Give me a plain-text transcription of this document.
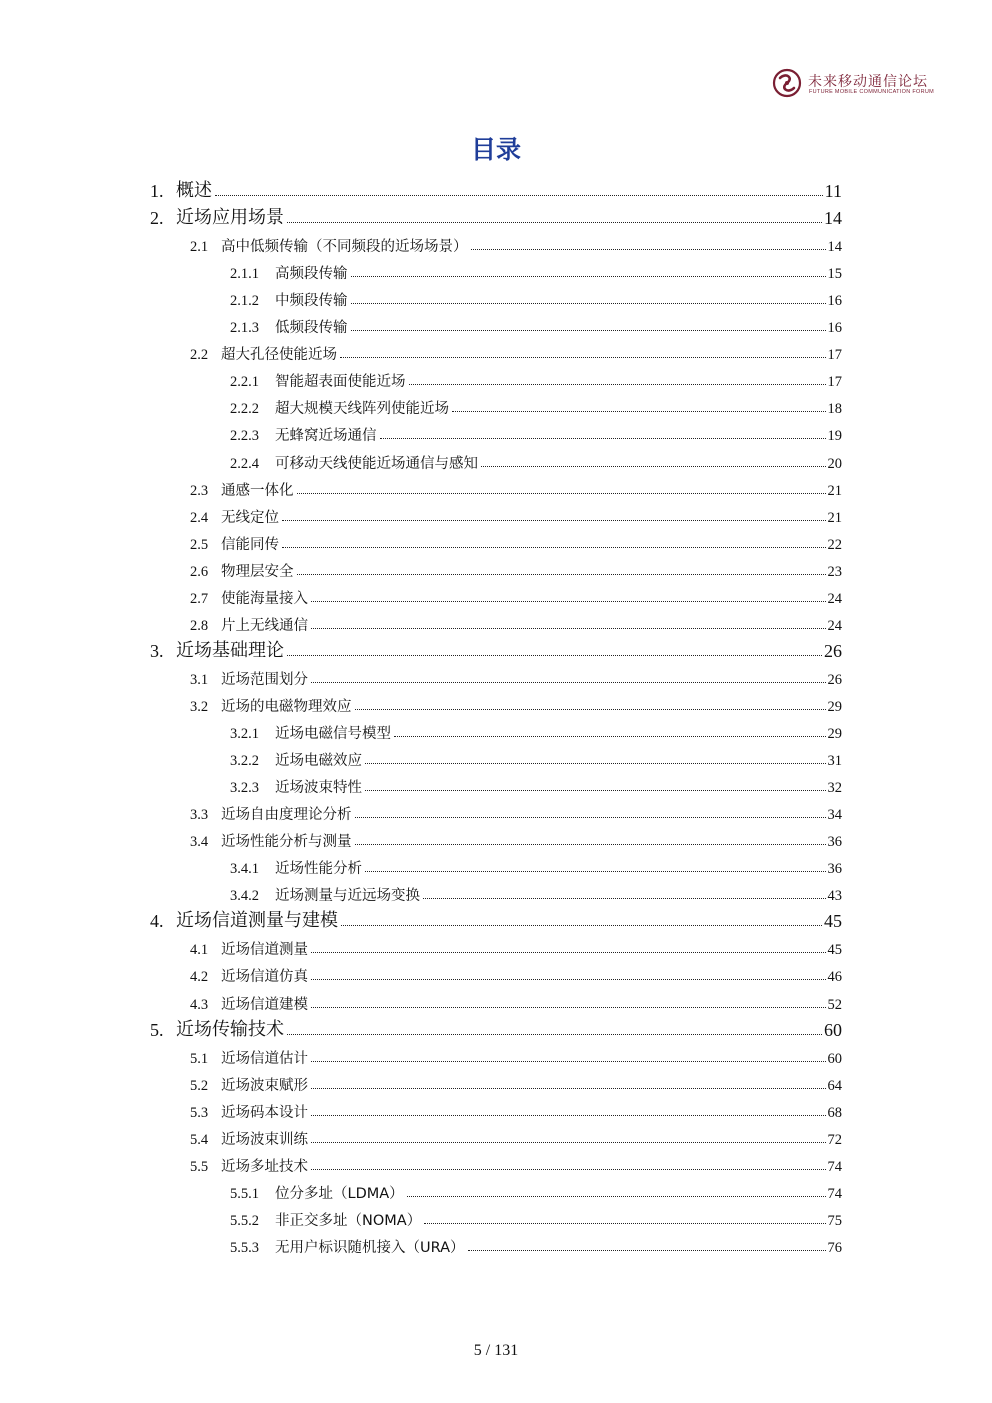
未来移动通信论坛
FUTURE MOBILE COMMUNICATION FORUM
目录
1. 概述	11
2. 近场应用场景	14
2.1 高中低频传输（不同频段的近场场景）	14
2.1.1	高频段传输	15
2.1.2	中频段传输	16
2.1.3	低频段传输	16
2.2 超大孔径使能近场	17
2.2.1	智能超表面使能近场	17
2.2.2	超大规模天线阵列使能近场	18
2.2.3	无蜂窝近场通信	19
2.2.4	可移动天线使能近场通信与感知	20
2.3 通感一体化	21
2.4 无线定位	21
2.5 信能同传	22
2.6 物理层安全	23
2.7 使能海量接入	24
2.8 片上无线通信	24
3. 近场基础理论	26
3.1 近场范围划分	26
3.2 近场的电磁物理效应	29
3.2.1	近场电磁信号模型	29
3.2.2	近场电磁效应	31
3.2.3	近场波束特性	32
3.3 近场自由度理论分析	34
3.4 近场性能分析与测量	36
3.4.1	近场性能分析	36
3.4.2	近场测量与近远场变换	43
4. 近场信道测量与建模	45
4.1 近场信道测量	45
4.2 近场信道仿真	46
4.3 近场信道建模	52
5. 近场传输技术	60
5.1 近场信道估计	60
5.2 近场波束赋形	64
5.3 近场码本设计	68
5.4 近场波束训练	72
5.5 近场多址技术	74
5.5.1	位分多址（LDMA）	74
5.5.2	非正交多址（NOMA）	75
5.5.3	无用户标识随机接入（URA）	76
5 / 131
